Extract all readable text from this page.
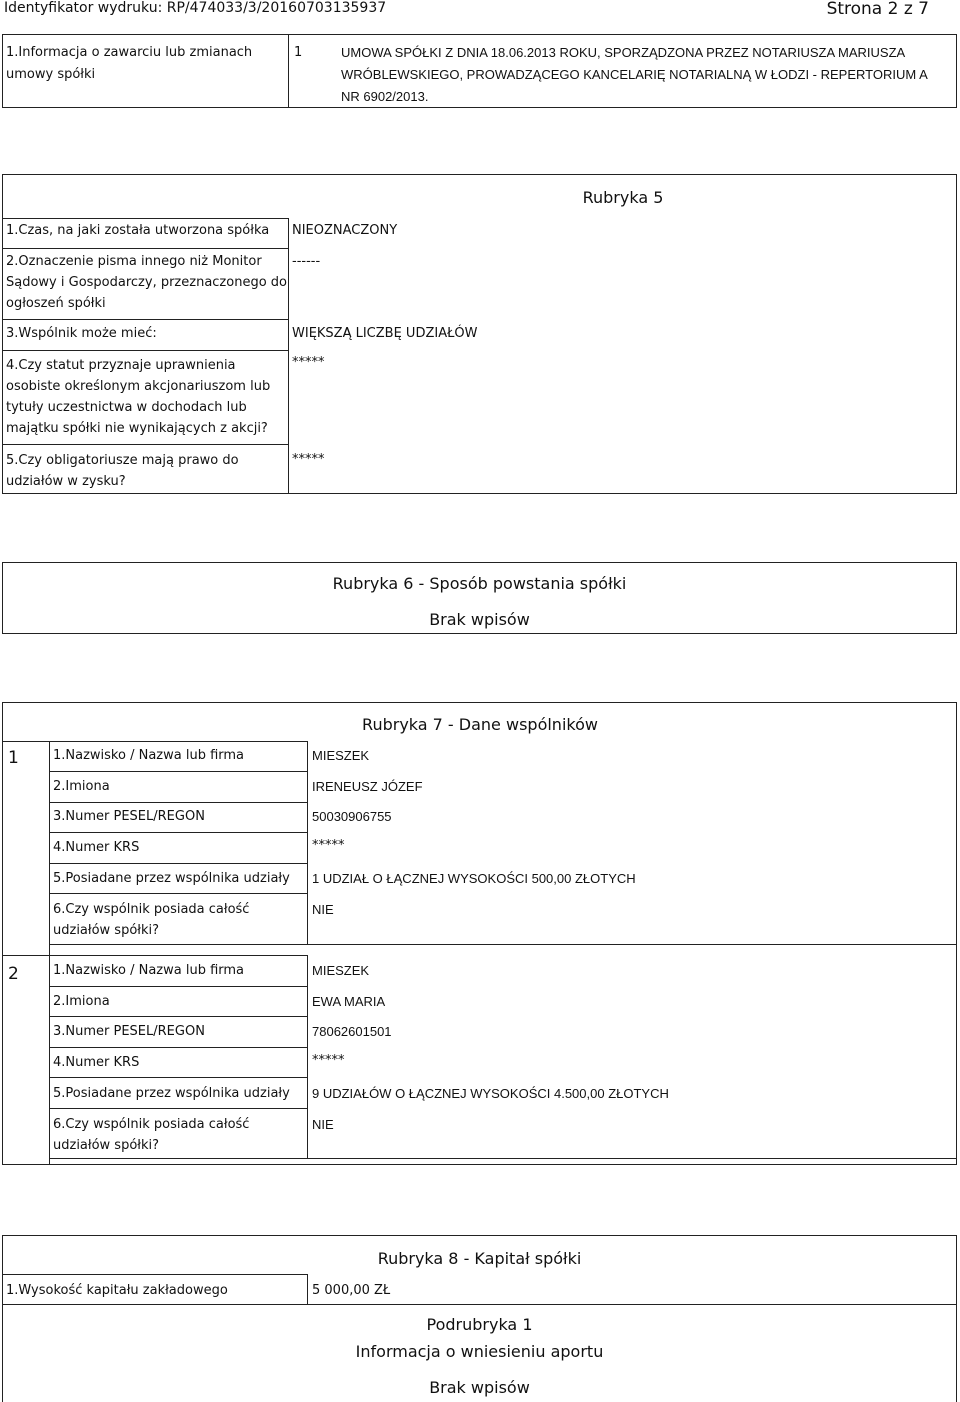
Identyfikator wydruku: RP/474033/3/20160703135937	Strona 2 z 7
1.Informacja o zawarciu lub zmianach
umowy spółki
1	UMOWA SPÓŁKI Z DNIA 18.06.2013 ROKU, SPORZĄDZONA PRZEZ NOTARIUSZA MARIUSZA
WRÓBLEWSKIEGO, PROWADZĄCEGO KANCELARIĘ NOTARIALNĄ W ŁODZI - REPERTORIUM A
NR 6902/2013.
Rubryka 5
1.Czas, na jaki została utworzona spółka NIEOZNACZONY
2.Oznaczenie pisma innego niż Monitor
Sądowy i Gospodarczy, przeznaczonego do
ogłoszeń spółki
------
3.Wspólnik może mieć:	WIĘKSZĄ LICZBĘ UDZIAŁÓW
4.Czy statut przyznaje uprawnienia
osobiste określonym akcjonariuszom lub
tytuły uczestnictwa w dochodach lub
majątku spółki nie wynikających z akcji?
*****
5.Czy obligatoriusze mają prawo do
udziałów w zysku?
*****
Rubryka 6 - Sposób powstania spółki
Brak wpisów
Rubryka 7 - Dane wspólników
1	1.Nazwisko / Nazwa lub firma	MIESZEK
2.Imiona	IRENEUSZ JÓZEF
3.Numer PESEL/REGON	50030906755
4.Numer KRS	*****
5.Posiadane przez wspólnika udziały 1 UDZIAŁ O ŁĄCZNEJ WYSOKOŚCI 500,00 ZŁOTYCH
6.Czy wspólnik posiada całość
udziałów spółki?
NIE
2	1.Nazwisko / Nazwa lub firma	MIESZEK
2.Imiona	EWA MARIA
3.Numer PESEL/REGON	78062601501
4.Numer KRS	*****
5.Posiadane przez wspólnika udziały 9 UDZIAŁÓW O ŁĄCZNEJ WYSOKOŚCI 4.500,00 ZŁOTYCH
6.Czy wspólnik posiada całość
udziałów spółki?
NIE
Rubryka 8 - Kapitał spółki
1.Wysokość kapitału zakładowego	5 000,00 ZŁ
Podrubryka 1
Informacja o wniesieniu aportu
Brak wpisów
